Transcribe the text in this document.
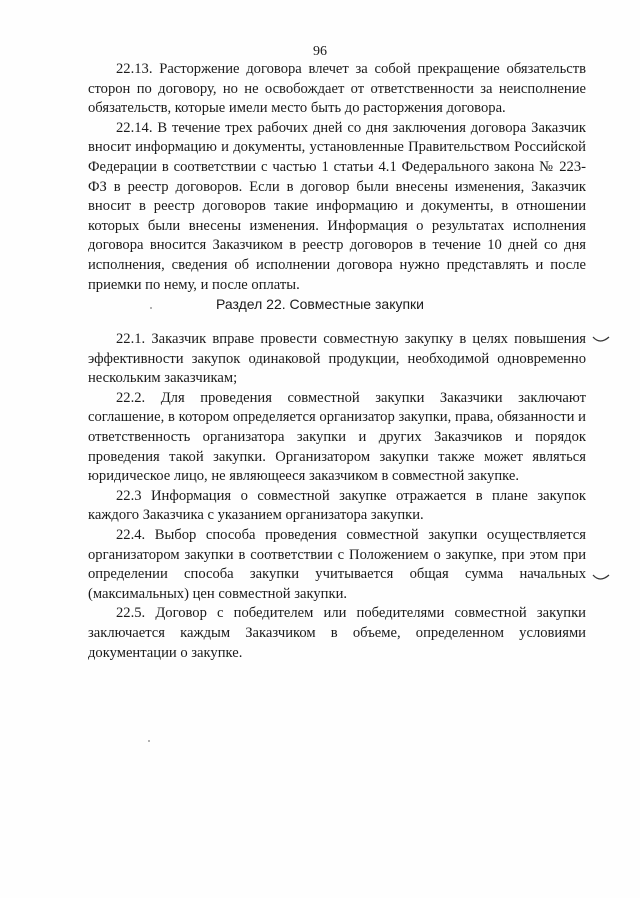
96

22.13. Расторжение договора влечет за собой прекращение обязательств сторон по договору, но не освобождает от ответственности за неисполнение обязательств, которые имели место быть до расторжения договора.

22.14. В течение трех рабочих дней со дня заключения договора Заказчик вносит информацию и документы, установленные Правительством Российской Федерации в соответствии с частью 1 статьи 4.1 Федерального закона № 223-ФЗ в реестр договоров. Если в договор были внесены изменения, Заказчик вносит в реестр договоров такие информацию и документы, в отношении которых были внесены изменения. Информация о результатах исполнения договора вносится Заказчиком в реестр договоров в течение 10 дней со дня исполнения, сведения об исполнении договора нужно представлять и после приемки по нему, и после оплаты.

Раздел 22. Совместные закупки

22.1. Заказчик вправе провести совместную закупку в целях повышения эффективности закупок одинаковой продукции, необходимой одновременно нескольким заказчикам;

22.2. Для проведения совместной закупки Заказчики заключают соглашение, в котором определяется организатор закупки, права, обязанности и ответственность организатора закупки и других Заказчиков и порядок проведения такой закупки. Организатором закупки также может являться юридическое лицо, не являющееся заказчиком в совместной закупке.

22.3 Информация о совместной закупке отражается в плане закупок каждого Заказчика с указанием организатора закупки.

22.4. Выбор способа проведения совместной закупки осуществляется организатором закупки в соответствии с Положением о закупке, при этом при определении способа закупки учитывается общая сумма начальных (максимальных) цен совместной закупки.

22.5. Договор с победителем или победителями совместной закупки заключается каждым Заказчиком в объеме, определенном условиями документации о закупке.
